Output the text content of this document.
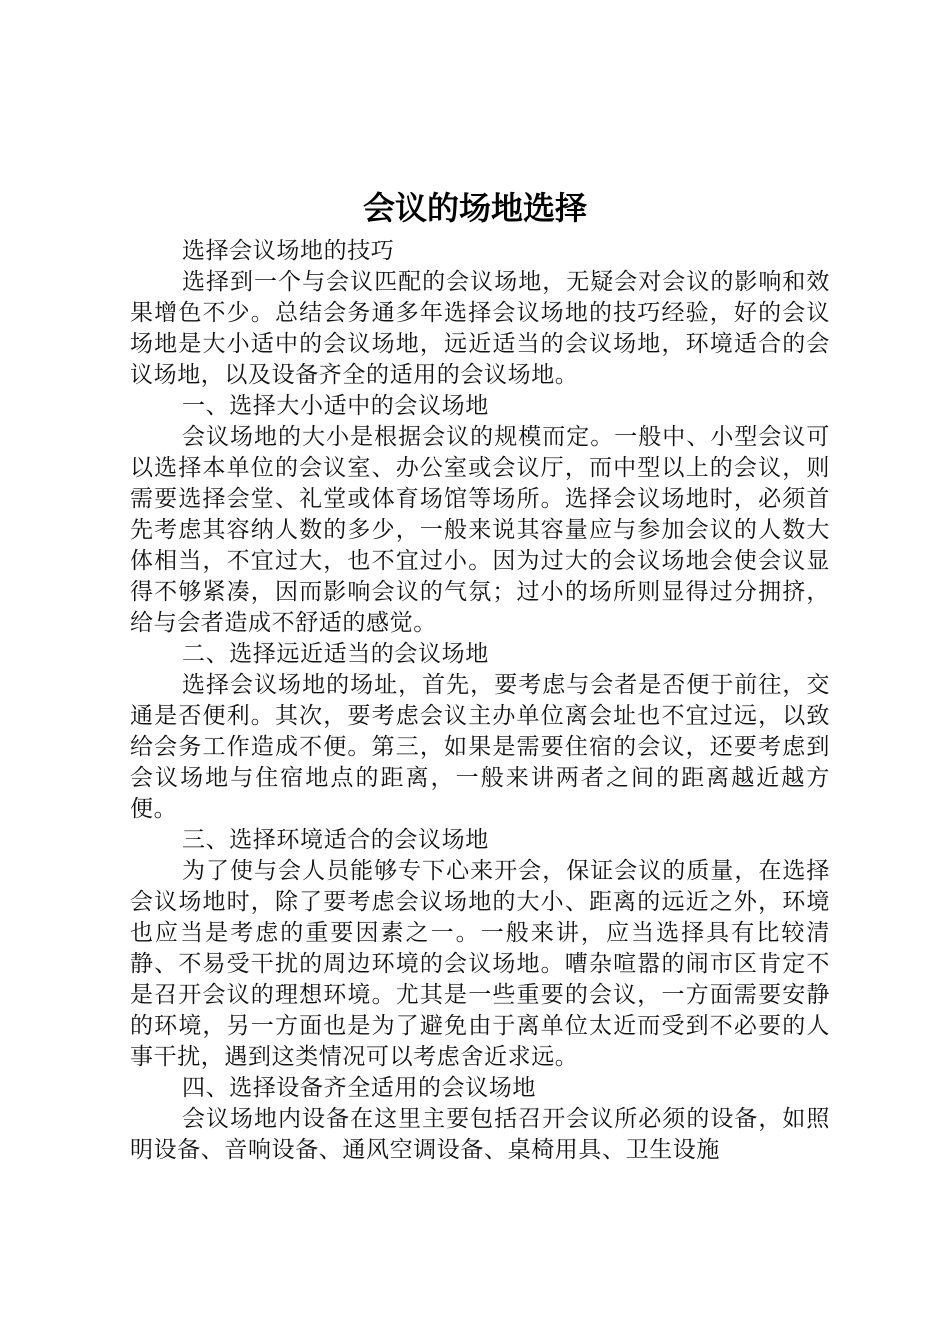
会议的场地选择

选择会议场地的技巧

选择到一个与会议匹配的会议场地，无疑会对会议的影响和效果增色不少。总结会务通多年选择会议场地的技巧经验，好的会议场地是大小适中的会议场地，远近适当的会议场地，环境适合的会议场地，以及设备齐全的适用的会议场地。

一、选择大小适中的会议场地

会议场地的大小是根据会议的规模而定。一般中、小型会议可以选择本单位的会议室、办公室或会议厅，而中型以上的会议，则需要选择会堂、礼堂或体育场馆等场所。选择会议场地时，必须首先考虑其容纳人数的多少，一般来说其容量应与参加会议的人数大体相当，不宜过大，也不宜过小。因为过大的会议场地会使会议显得不够紧凑，因而影响会议的气氛；过小的场所则显得过分拥挤，给与会者造成不舒适的感觉。

二、选择远近适当的会议场地

选择会议场地的场址，首先，要考虑与会者是否便于前往，交通是否便利。其次，要考虑会议主办单位离会址也不宜过远，以致给会务工作造成不便。第三，如果是需要住宿的会议，还要考虑到会议场地与住宿地点的距离，一般来讲两者之间的距离越近越方便。

三、选择环境适合的会议场地

为了使与会人员能够专下心来开会，保证会议的质量，在选择会议场地时，除了要考虑会议场地的大小、距离的远近之外，环境也应当是考虑的重要因素之一。一般来讲，应当选择具有比较清静、不易受干扰的周边环境的会议场地。嘈杂喧嚣的闹市区肯定不是召开会议的理想环境。尤其是一些重要的会议，一方面需要安静的环境，另一方面也是为了避免由于离单位太近而受到不必要的人事干扰，遇到这类情况可以考虑舍近求远。

四、选择设备齐全适用的会议场地

会议场地内设备在这里主要包括召开会议所必须的设备，如照明设备、音响设备、通风空调设备、桌椅用具、卫生设施
